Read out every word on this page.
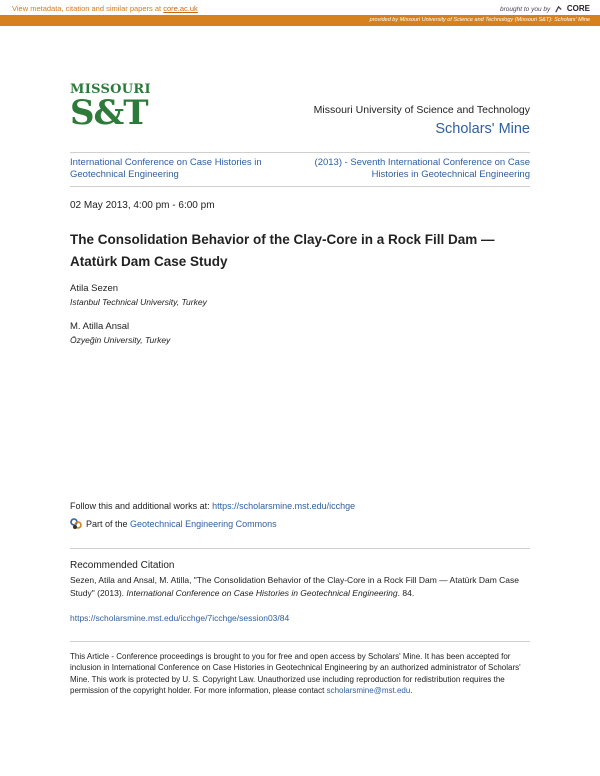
View metadata, citation and similar papers at core.ac.uk	brought to you by CORE
provided by Missouri University of Science and Technology (Missouri S&T): Scholars' Mine
MISSOURI
S&T	Missouri University of Science and Technology
Scholars' Mine
International Conference on Case Histories in Geotechnical Engineering
(2013) - Seventh International Conference on Case Histories in Geotechnical Engineering
02 May 2013, 4:00 pm - 6:00 pm
The Consolidation Behavior of the Clay-Core in a Rock Fill Dam — Atatürk Dam Case Study
Atila Sezen
Istanbul Technical University, Turkey
M. Atilla Ansal
Özyeğin University, Turkey
Follow this and additional works at: https://scholarsmine.mst.edu/icchge
Part of the
Geotechnical Engineering Commons
Recommended Citation
Sezen, Atila and Ansal, M. Atilla, "The Consolidation Behavior of the Clay-Core in a Rock Fill Dam — Atatürk Dam Case Study" (2013). International Conference on Case Histories in Geotechnical Engineering. 84.
https://scholarsmine.mst.edu/icchge/7icchge/session03/84
This Article - Conference proceedings is brought to you for free and open access by Scholars' Mine. It has been accepted for inclusion in International Conference on Case Histories in Geotechnical Engineering by an authorized administrator of Scholars' Mine. This work is protected by U. S. Copyright Law. Unauthorized use including reproduction for redistribution requires the permission of the copyright holder. For more information, please contact scholarsmine@mst.edu.
